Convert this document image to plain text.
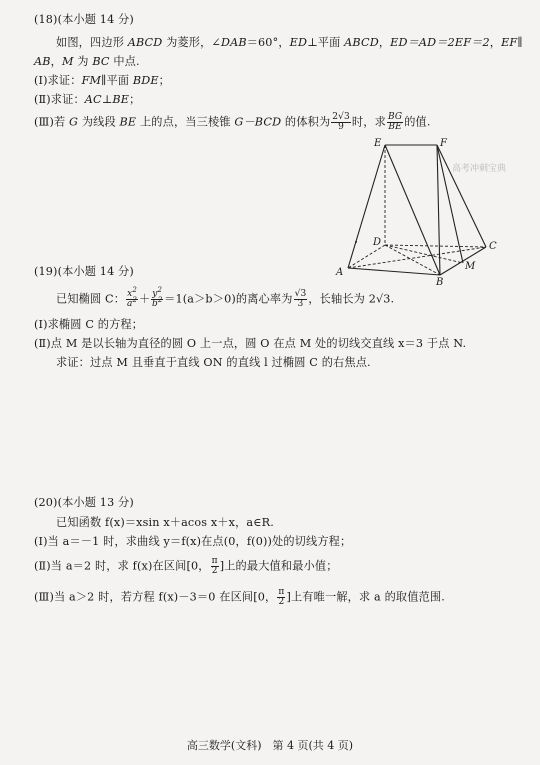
(18)(本小题 14 分)
如图，四边形 ABCD 为菱形，∠DAB＝60°，ED⊥平面 ABCD，ED＝AD＝2EF＝2，EF∥
AB，M 为 BC 中点.
(Ⅰ)求证：FM∥平面 BDE；
(Ⅱ)求证：AC⊥BE；
(Ⅲ)若 G 为线段 BE 上的点，当三棱锥 G－BCD 的体积为 $\frac{2√3}{9}$ 时，求 $\frac{BG}{BE}$ 的值.
E	F
D	C
A
B
M
高考冲刺宝典
(19)(本小题 14 分)
已知椭圆 C： $\frac{x^2}{a^2} + \frac{y^2}{b^2} =1(a>b>0)$的离心率为 $\frac{√3}{3}$ ，长轴长为 2√3.
(Ⅰ)求椭圆 C 的方程；
(Ⅱ)点 M 是以长轴为直径的圆 O 上一点，圆 O 在点 M 处的切线交直线 x＝3 于点 N.
求证：过点 M 且垂直于直线 ON 的直线 l 过椭圆 C 的右焦点.
(20)(本小题 13 分)
已知函数 f(x)＝xsin x＋acos x＋x，a∈R.
(Ⅰ)当 a＝－1 时，求曲线 y＝f(x)在点(0，f(0))处的切线方程；
(Ⅱ)当 a＝2 时，求 f(x)在区间[0， $\frac{\pi}{2}$ ]上的最大值和最小值；
(Ⅲ)当 a＞2 时，若方程 f(x)－3＝0 在区间[0， $\frac{\pi}{2}$ ]上有唯一解，求 a 的取值范围.
高三数学(文科)　第 4 页(共 4 页)
